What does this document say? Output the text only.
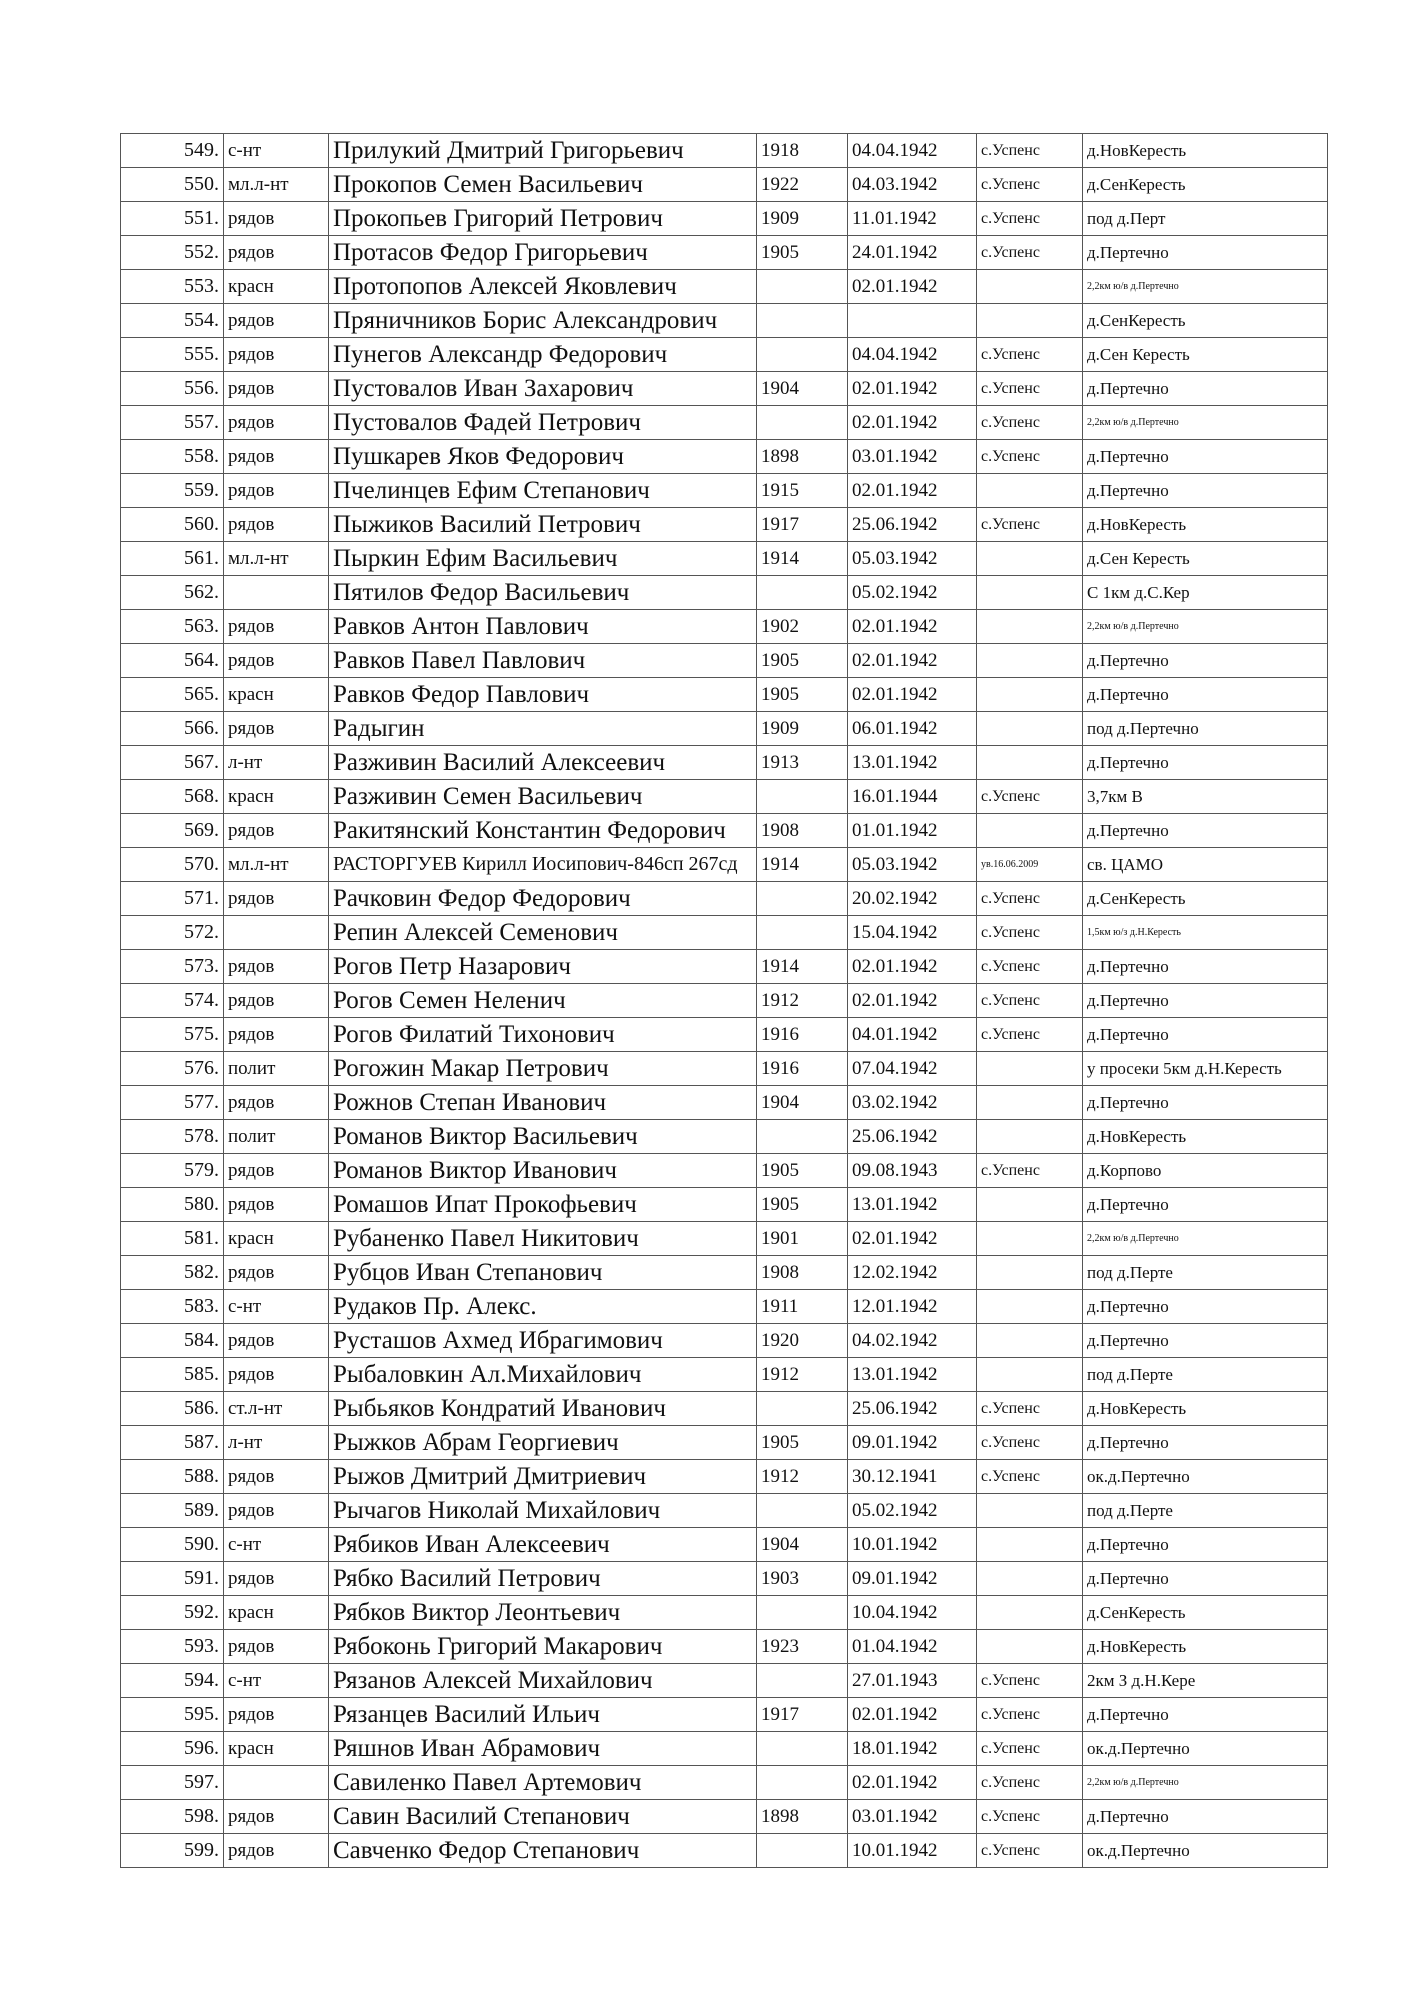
549.	с-нт	Прилукий Дмитрий Григорьевич	1918	04.04.1942	с.Успенс	д.НовКересть
550.	мл.л-нт	Прокопов Семен Васильевич	1922	04.03.1942	с.Успенс	д.СенКересть
551.	рядов	Прокопьев Григорий Петрович	1909	11.01.1942	с.Успенс	под д.Перт
552.	рядов	Протасов Федор Григорьевич	1905	24.01.1942	с.Успенс	д.Пертечно
553.	красн	Протопопов Алексей Яковлевич		02.01.1942		2,2км ю/в д.Пертечно
554.	рядов	Пряничников Борис Александрович				д.СенКересть
555.	рядов	Пунегов Александр Федорович		04.04.1942	с.Успенс	д.Сен Кересть
556.	рядов	Пустовалов Иван Захарович	1904	02.01.1942	с.Успенс	д.Пертечно
557.	рядов	Пустовалов Фадей Петрович		02.01.1942	с.Успенс	2,2км ю/в д.Пертечно
558.	рядов	Пушкарев Яков Федорович	1898	03.01.1942	с.Успенс	д.Пертечно
559.	рядов	Пчелинцев Ефим Степанович	1915	02.01.1942		д.Пертечно
560.	рядов	Пыжиков Василий Петрович	1917	25.06.1942	с.Успенс	д.НовКересть
561.	мл.л-нт	Пыркин Ефим Васильевич	1914	05.03.1942		д.Сен Кересть
562.		Пятилов Федор Васильевич		05.02.1942		С 1км д.С.Кер
563.	рядов	Равков Антон Павлович	1902	02.01.1942		2,2км ю/в д.Пертечно
564.	рядов	Равков Павел Павлович	1905	02.01.1942		д.Пертечно
565.	красн	Равков Федор Павлович	1905	02.01.1942		д.Пертечно
566.	рядов	Радыгин	1909	06.01.1942		под д.Пертечно
567.	л-нт	Разживин Василий Алексеевич	1913	13.01.1942		д.Пертечно
568.	красн	Разживин Семен Васильевич		16.01.1944	с.Успенс	3,7км В
569.	рядов	Ракитянский Константин Федорович	1908	01.01.1942		д.Пертечно
570.	мл.л-нт	РАСТОРГУЕВ Кирилл Иосипович-846сп 267сд	1914	05.03.1942	ув.16.06.2009	св. ЦАМО
571.	рядов	Рачковин Федор Федорович		20.02.1942	с.Успенс	д.СенКересть
572.		Репин Алексей Семенович		15.04.1942	с.Успенс	1,5км ю/з д.Н.Кересть
573.	рядов	Рогов Петр Назарович	1914	02.01.1942	с.Успенс	д.Пертечно
574.	рядов	Рогов Семен Неленич	1912	02.01.1942	с.Успенс	д.Пертечно
575.	рядов	Рогов Филатий Тихонович	1916	04.01.1942	с.Успенс	д.Пертечно
576.	полит	Рогожин Макар Петрович	1916	07.04.1942		у просеки 5км д.Н.Кересть
577.	рядов	Рожнов Степан Иванович	1904	03.02.1942		д.Пертечно
578.	полит	Романов Виктор Васильевич		25.06.1942		д.НовКересть
579.	рядов	Романов Виктор Иванович	1905	09.08.1943	с.Успенс	д.Корпово
580.	рядов	Ромашов Ипат Прокофьевич	1905	13.01.1942		д.Пертечно
581.	красн	Рубаненко Павел Никитович	1901	02.01.1942		2,2км ю/в д.Пертечно
582.	рядов	Рубцов Иван Степанович	1908	12.02.1942		под д.Перте
583.	с-нт	Рудаков Пр. Алекс.	1911	12.01.1942		д.Пертечно
584.	рядов	Русташов Ахмед Ибрагимович	1920	04.02.1942		д.Пертечно
585.	рядов	Рыбаловкин Ал.Михайлович	1912	13.01.1942		под д.Перте
586.	ст.л-нт	Рыбьяков Кондратий Иванович		25.06.1942	с.Успенс	д.НовКересть
587.	л-нт	Рыжков Абрам Георгиевич	1905	09.01.1942	с.Успенс	д.Пертечно
588.	рядов	Рыжов Дмитрий Дмитриевич	1912	30.12.1941	с.Успенс	ок.д.Пертечно
589.	рядов	Рычагов Николай Михайлович		05.02.1942		под д.Перте
590.	с-нт	Рябиков Иван Алексеевич	1904	10.01.1942		д.Пертечно
591.	рядов	Рябко Василий Петрович	1903	09.01.1942		д.Пертечно
592.	красн	Рябков Виктор Леонтьевич		10.04.1942		д.СенКересть
593.	рядов	Рябоконь Григорий Макарович	1923	01.04.1942		д.НовКересть
594.	с-нт	Рязанов Алексей Михайлович		27.01.1943	с.Успенс	2км З д.Н.Кере
595.	рядов	Рязанцев Василий Ильич	1917	02.01.1942	с.Успенс	д.Пертечно
596.	красн	Ряшнов Иван Абрамович		18.01.1942	с.Успенс	ок.д.Пертечно
597.		Савиленко Павел Артемович		02.01.1942	с.Успенс	2,2км ю/в д.Пертечно
598.	рядов	Савин Василий Степанович	1898	03.01.1942	с.Успенс	д.Пертечно
599.	рядов	Савченко Федор Степанович		10.01.1942	с.Успенс	ок.д.Пертечно
